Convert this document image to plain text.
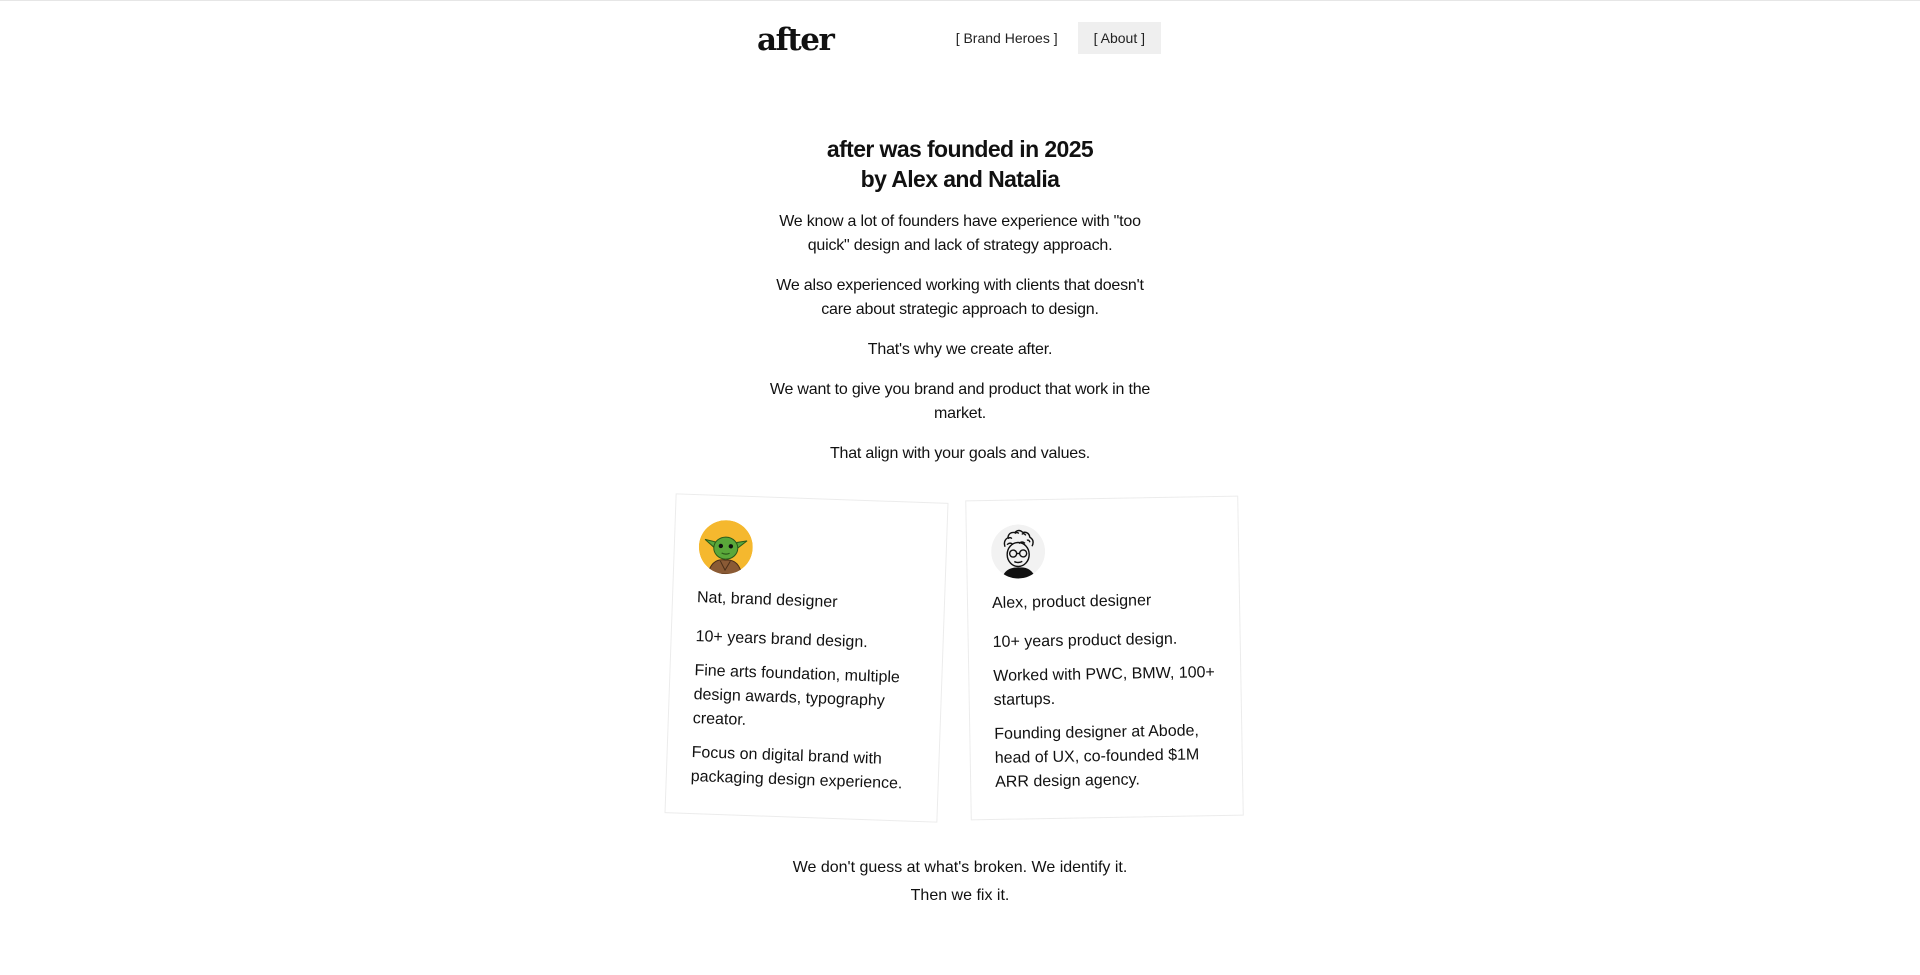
after	[ Brand Heroes ]	[ About ]
after was founded in 2025
by Alex and Natalia

We know a lot of founders have experience with "too quick" design and lack of strategy approach.

We also experienced working with clients that doesn't care about strategic approach to design.

That's why we create after.

We want to give you brand and product that work in the market.

That align with your goals and values.

Nat, brand designer

10+ years brand design.

Fine arts foundation, multiple design awards, typography creator.

Focus on digital brand with packaging design experience.

Alex, product designer

10+ years product design.

Worked with PWC, BMW, 100+ startups.

Founding designer at Abode, head of UX, co-founded $1M ARR design agency.

We don't guess at what's broken. We identify it.

Then we fix it.
